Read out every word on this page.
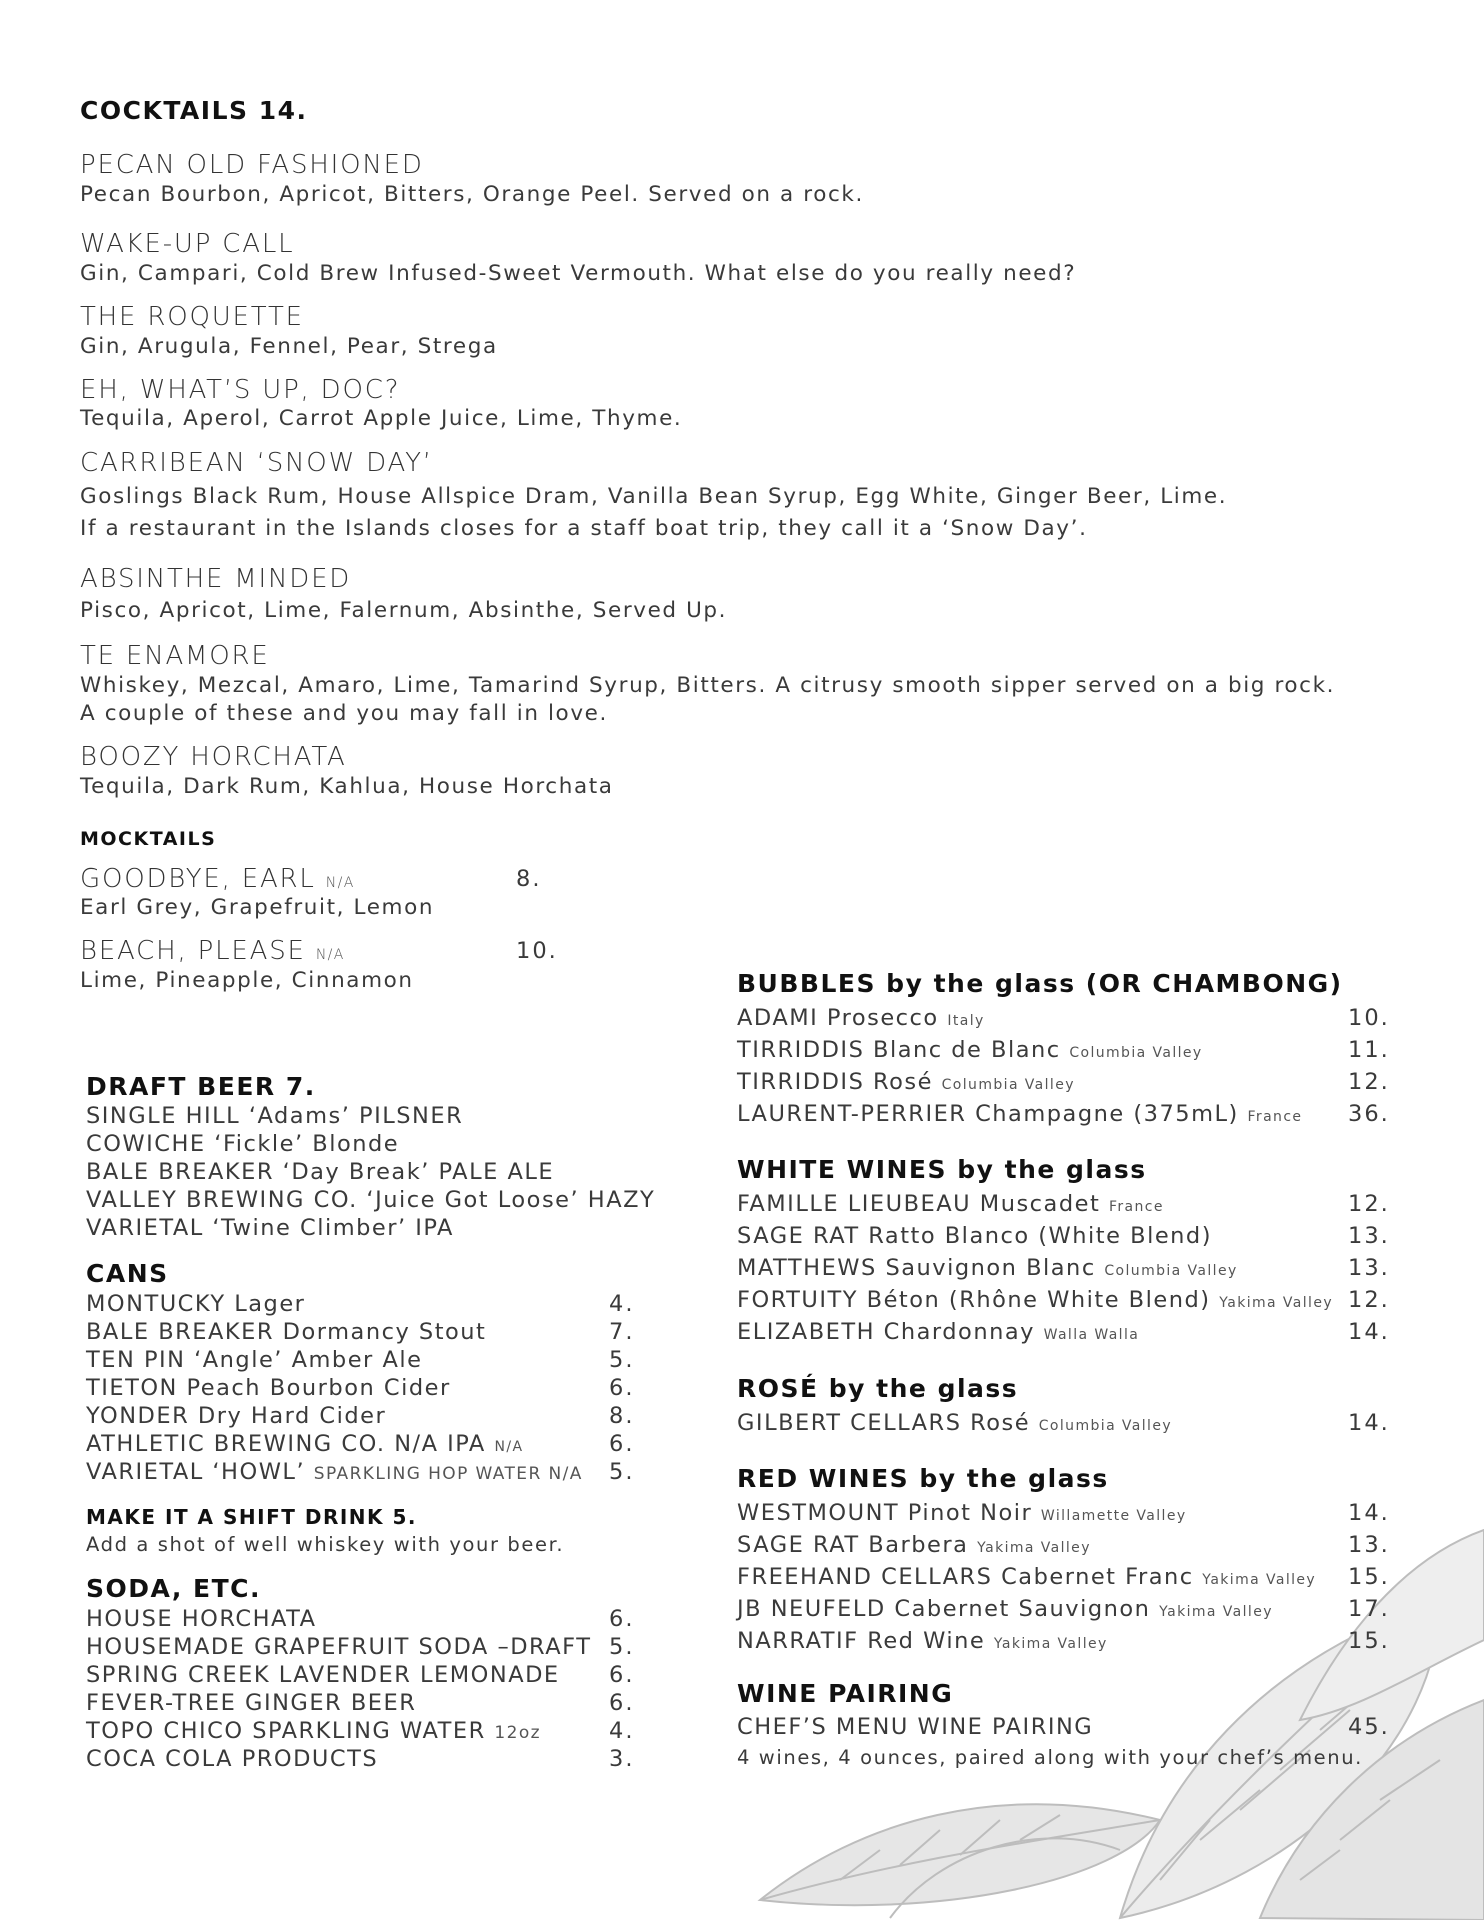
COCKTAILS 14.
PECAN OLD FASHIONED
Pecan Bourbon, Apricot, Bitters, Orange Peel. Served on a rock.
WAKE-UP CALL
Gin, Campari, Cold Brew Infused-Sweet Vermouth. What else do you really need?
THE ROQUETTE
Gin, Arugula, Fennel, Pear, Strega
EH, WHAT’S UP, DOC?
Tequila, Aperol, Carrot Apple Juice, Lime, Thyme.
CARRIBEAN ‘SNOW DAY’
Goslings Black Rum, House Allspice Dram, Vanilla Bean Syrup, Egg White, Ginger Beer, Lime.
If a restaurant in the Islands closes for a staff boat trip, they call it a ‘Snow Day’.
ABSINTHE MINDED
Pisco, Apricot, Lime, Falernum, Absinthe, Served Up.
TE ENAMORE
Whiskey, Mezcal, Amaro, Lime, Tamarind Syrup, Bitters. A citrusy smooth sipper served on a big rock.
A couple of these and you may fall in love.
BOOZY HORCHATA
Tequila, Dark Rum, Kahlua, House Horchata
MOCKTAILS
GOODBYE, EARL N/A	8.
Earl Grey, Grapefruit, Lemon
BEACH, PLEASE N/A	10.
Lime, Pineapple, Cinnamon
DRAFT BEER 7.
SINGLE HILL ‘Adams’ PILSNER
COWICHE ‘Fickle’ Blonde
BALE BREAKER ‘Day Break’ PALE ALE
VALLEY BREWING CO. ‘Juice Got Loose’ HAZY
VARIETAL ‘Twine Climber’ IPA
CANS
MONTUCKY Lager	4.
BALE BREAKER Dormancy Stout	7.
TEN PIN ‘Angle’ Amber Ale	5.
TIETON Peach Bourbon Cider	6.
YONDER Dry Hard Cider	8.
ATHLETIC BREWING CO. N/A IPA N/A	6.
VARIETAL ‘HOWL’ SPARKLING HOP WATER N/A 5.
MAKE IT A SHIFT DRINK 5.
Add a shot of well whiskey with your beer.
SODA, ETC.
HOUSE HORCHATA	6.
HOUSEMADE GRAPEFRUIT SODA –DRAFT 5.
SPRING CREEK LAVENDER LEMONADE 6.
FEVER-TREE GINGER BEER	6.
TOPO CHICO SPARKLING WATER 12oz	4.
COCA COLA PRODUCTS	3.
BUBBLES by the glass (OR CHAMBONG)
ADAMI Prosecco Italy	10.
TIRRIDDIS Blanc de Blanc Columbia Valley	11.
TIRRIDDIS Rosé Columbia Valley	12.
LAURENT-PERRIER Champagne (375mL) France 36.
WHITE WINES by the glass
FAMILLE LIEUBEAU Muscadet France	12.
SAGE RAT Ratto Blanco (White Blend)	13.
MATTHEWS Sauvignon Blanc Columbia Valley	13.
FORTUITY Béton (Rhône White Blend) Yakima Valley 12.
ELIZABETH Chardonnay Walla Walla	14.
ROSÉ by the glass
GILBERT CELLARS Rosé Columbia Valley	14.
RED WINES by the glass
WESTMOUNT Pinot Noir Willamette Valley	14.
SAGE RAT Barbera Yakima Valley	13.
FREEHAND CELLARS Cabernet Franc Yakima Valley 15.
JB NEUFELD Cabernet Sauvignon Yakima Valley	17.
NARRATIF Red Wine Yakima Valley	15.
WINE PAIRING
CHEF’S MENU WINE PAIRING	45.
4 wines, 4 ounces, paired along with your chef’s menu.
